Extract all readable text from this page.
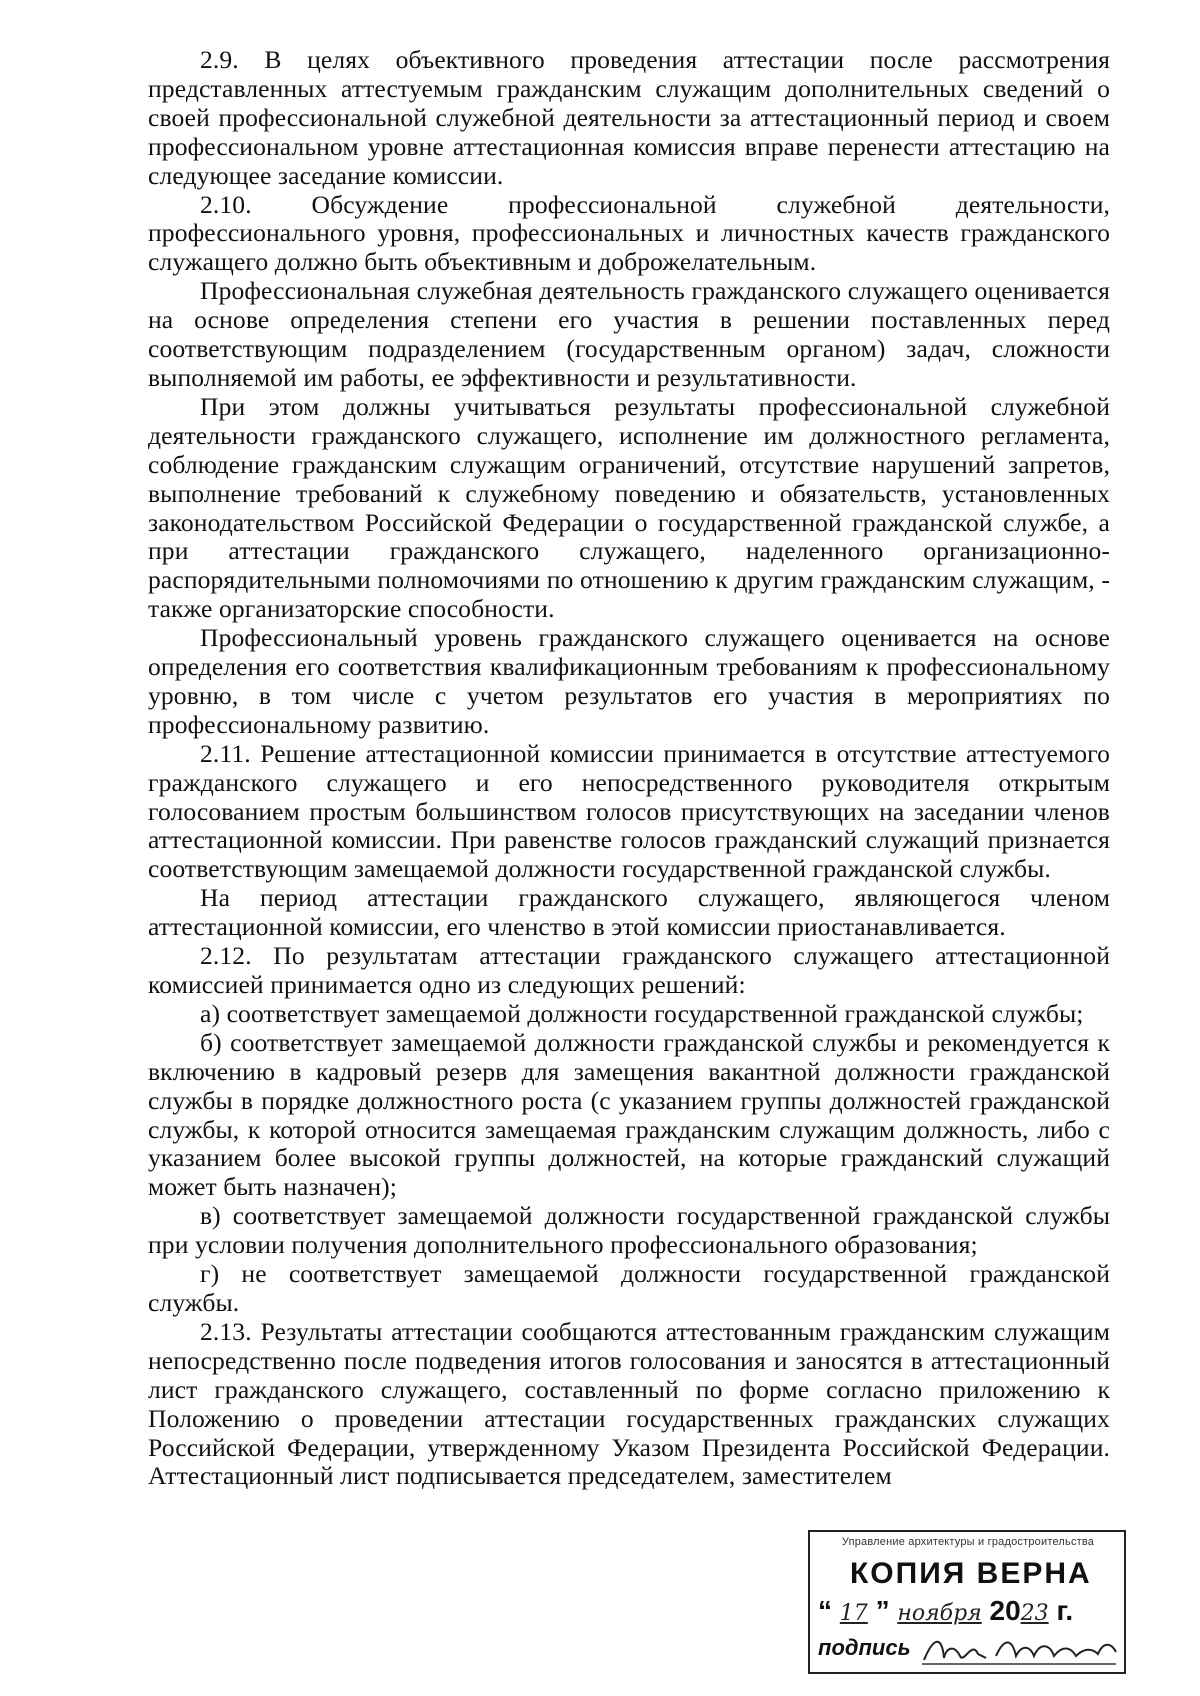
2.9. В целях объективного проведения аттестации после рассмотрения представленных аттестуемым гражданским служащим дополнительных сведений о своей профессиональной служебной деятельности за аттестационный период и своем профессиональном уровне аттестационная комиссия вправе перенести аттестацию на следующее заседание комиссии.

2.10. Обсуждение профессиональной служебной деятельности, профессионального уровня, профессиональных и личностных качеств гражданского служащего должно быть объективным и доброжелательным.

Профессиональная служебная деятельность гражданского служащего оценивается на основе определения степени его участия в решении поставленных перед соответствующим подразделением (государственным органом) задач, сложности выполняемой им работы, ее эффективности и результативности.

При этом должны учитываться результаты профессиональной служебной деятельности гражданского служащего, исполнение им должностного регламента, соблюдение гражданским служащим ограничений, отсутствие нарушений запретов, выполнение требований к служебному поведению и обязательств, установленных законодательством Российской Федерации о государственной гражданской службе, а при аттестации гражданского служащего, наделенного организационно-распорядительными полномочиями по отношению к другим гражданским служащим, - также организаторские способности.

Профессиональный уровень гражданского служащего оценивается на основе определения его соответствия квалификационным требованиям к профессиональному уровню, в том числе с учетом результатов его участия в мероприятиях по профессиональному развитию.

2.11. Решение аттестационной комиссии принимается в отсутствие аттестуемого гражданского служащего и его непосредственного руководителя открытым голосованием простым большинством голосов присутствующих на заседании членов аттестационной комиссии. При равенстве голосов гражданский служащий признается соответствующим замещаемой должности государственной гражданской службы.

На период аттестации гражданского служащего, являющегося членом аттестационной комиссии, его членство в этой комиссии приостанавливается.

2.12. По результатам аттестации гражданского служащего аттестационной комиссией принимается одно из следующих решений:

а) соответствует замещаемой должности государственной гражданской службы;

б) соответствует замещаемой должности гражданской службы и рекомендуется к включению в кадровый резерв для замещения вакантной должности гражданской службы в порядке должностного роста (с указанием группы должностей гражданской службы, к которой относится замещаемая гражданским служащим должность, либо с указанием более высокой группы должностей, на которые гражданский служащий может быть назначен);

в) соответствует замещаемой должности государственной гражданской службы при условии получения дополнительного профессионального образования;

г) не соответствует замещаемой должности государственной гражданской службы.

2.13. Результаты аттестации сообщаются аттестованным гражданским служащим непосредственно после подведения итогов голосования и заносятся в аттестационный лист гражданского служащего, составленный по форме согласно приложению к Положению о проведении аттестации государственных гражданских служащих Российской Федерации, утвержденному Указом Президента Российской Федерации. Аттестационный лист подписывается председателем, заместителем

Управление архитектуры и градостроительства
КОПИЯ ВЕРНА
“ 17 ” ноября 2023 г.
подпись
